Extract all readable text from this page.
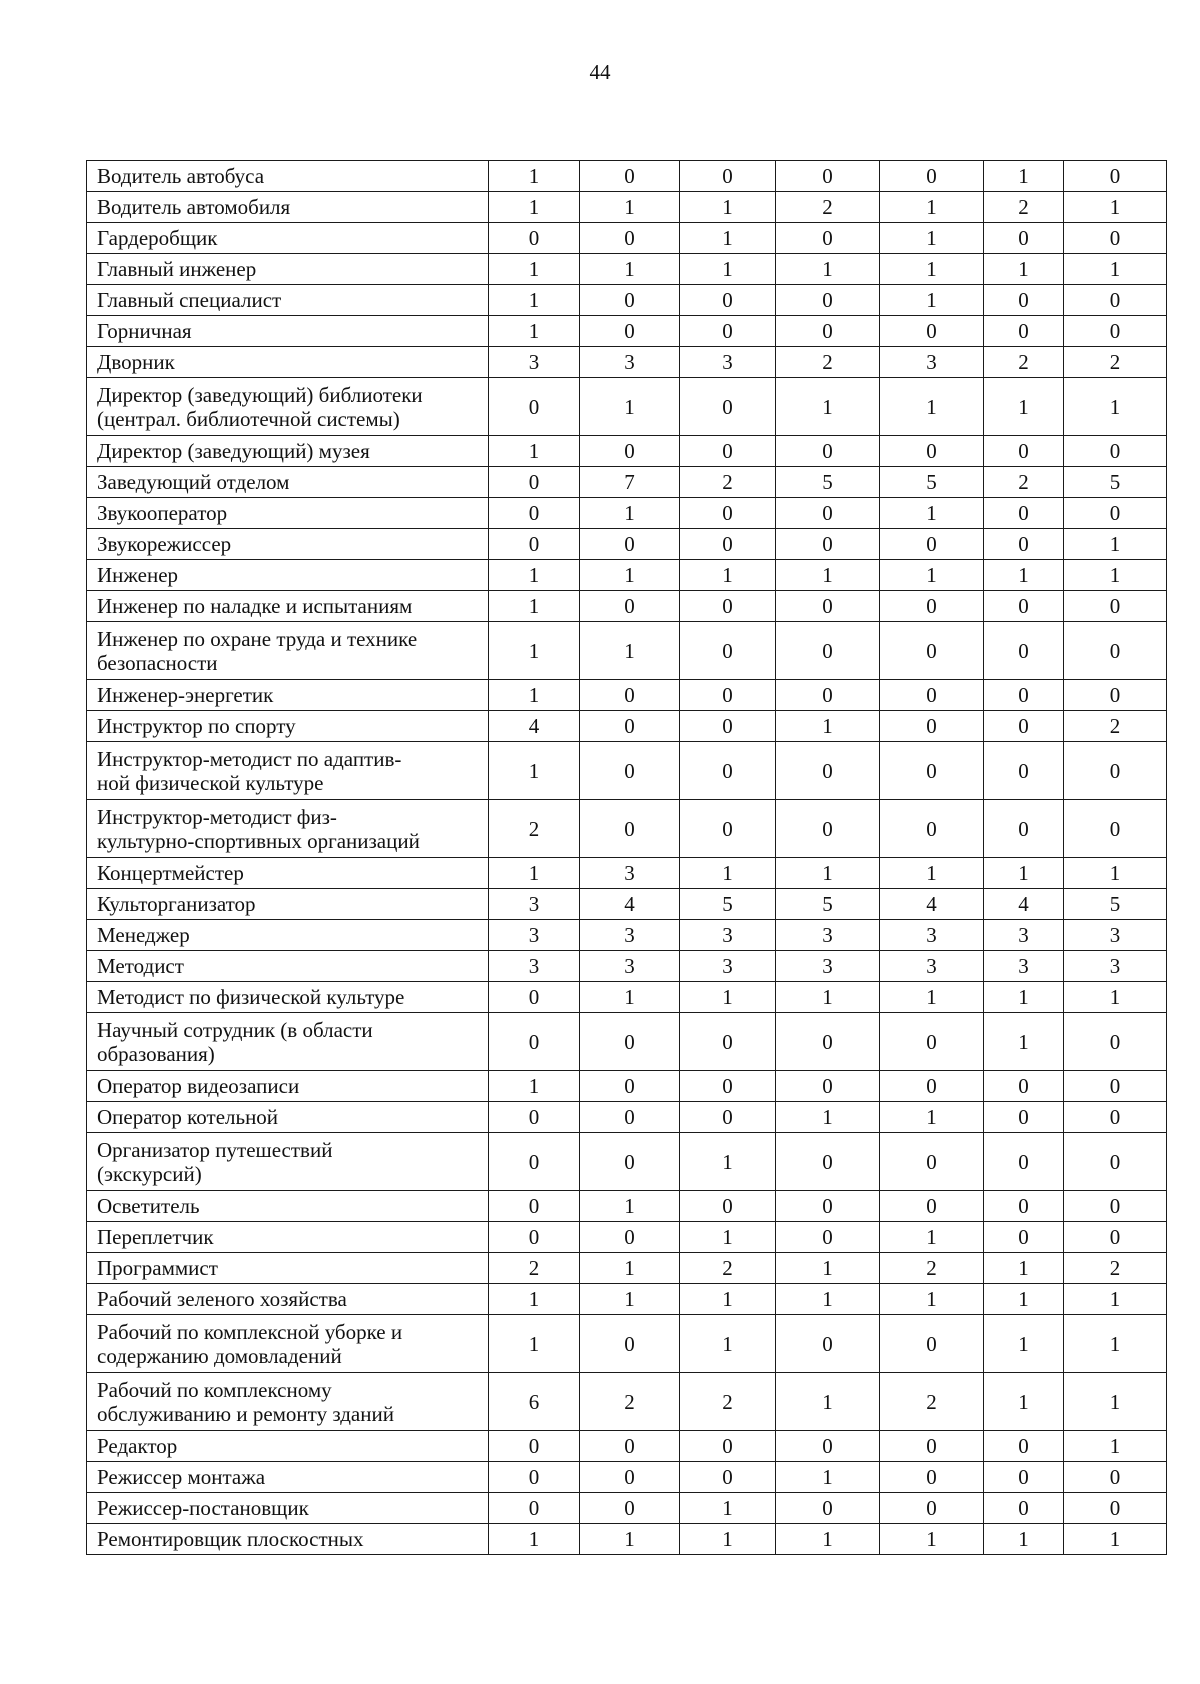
44
Водитель автобуса	1	0	0	0	0	1	0

Водитель автомобиля	1	1	1	2	1	2	1

Гардеробщик	0	0	1	0	1	0	0

Главный инженер	1	1	1	1	1	1	1

Главный специалист	1	0	0	0	1	0	0

Горничная	1	0	0	0	0	0	0

Дворник	3	3	3	2	3	2	2

Директор (заведующий) библиотеки
(централ. библиотечной системы)	0	1	0	1	1	1	1

Директор (заведующий) музея	1	0	0	0	0	0	0

Заведующий отделом	0	7	2	5	5	2	5

Звукооператор	0	1	0	0	1	0	0

Звукорежиссер	0	0	0	0	0	0	1

Инженер	1	1	1	1	1	1	1

Инженер по наладке и испытаниям	1	0	0	0	0	0	0

Инженер по охране труда и технике
безопасности	1	1	0	0	0	0	0

Инженер-энергетик	1	0	0	0	0	0	0

Инструктор по спорту	4	0	0	1	0	0	2

Инструктор-методист по адаптив-
ной физической культуре	1	0	0	0	0	0	0

Инструктор-методист физ-
культурно-спортивных организаций	2	0	0	0	0	0	0

Концертмейстер	1	3	1	1	1	1	1

Культорганизатор	3	4	5	5	4	4	5

Менеджер	3	3	3	3	3	3	3

Методист	3	3	3	3	3	3	3

Методист по физической культуре	0	1	1	1	1	1	1

Научный сотрудник (в области
образования)	0	0	0	0	0	1	0

Оператор видеозаписи	1	0	0	0	0	0	0

Оператор котельной	0	0	0	1	1	0	0

Организатор путешествий
(экскурсий)	0	0	1	0	0	0	0

Осветитель	0	1	0	0	0	0	0

Переплетчик	0	0	1	0	1	0	0

Программист	2	1	2	1	2	1	2

Рабочий зеленого хозяйства	1	1	1	1	1	1	1

Рабочий по комплексной уборке и
содержанию домовладений	1	0	1	0	0	1	1

Рабочий по комплексному
обслуживанию и ремонту зданий	6	2	2	1	2	1	1

Редактор	0	0	0	0	0	0	1

Режиссер монтажа	0	0	0	1	0	0	0

Режиссер-постановщик	0	0	1	0	0	0	0

Ремонтировщик плоскостных	1	1	1	1	1	1	1
